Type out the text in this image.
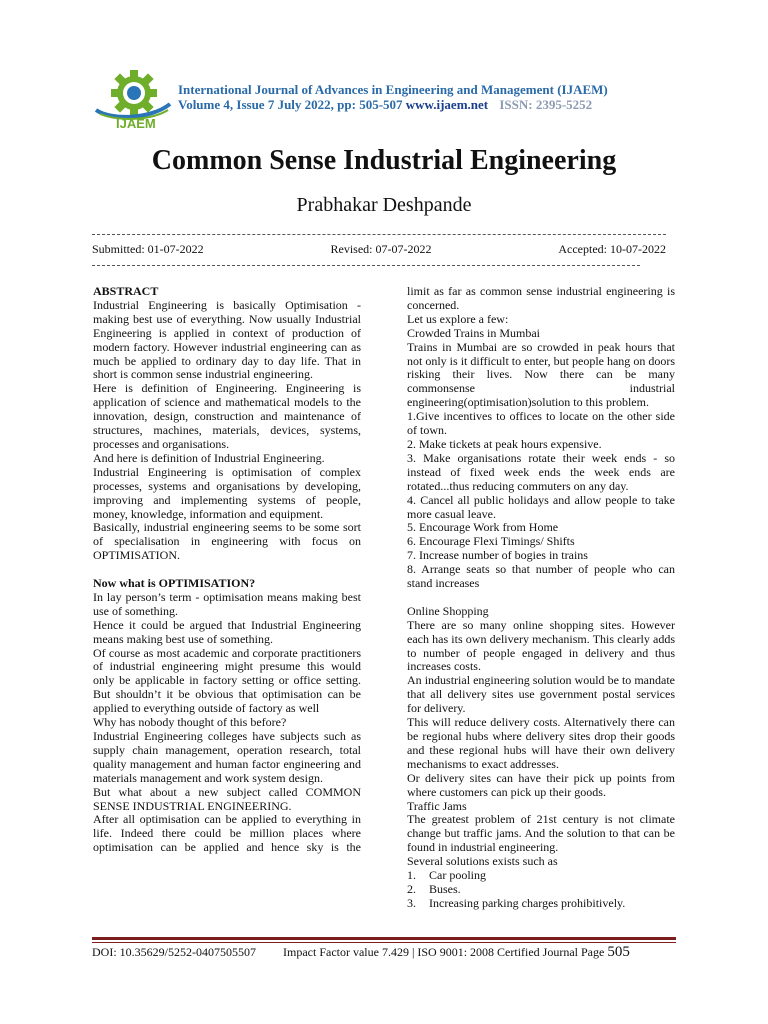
IJAEM
International Journal of Advances in Engineering and Management (IJAEM)
Volume 4, Issue 7 July 2022, pp: 505-507 www.ijaem.net ISSN: 2395-5252
Common Sense Industrial Engineering
Prabhakar Deshpande
Submitted: 01-07-2022	Revised: 07-07-2022	Accepted: 10-07-2022

ABSTRACT

Industrial Engineering is basically Optimisation - making best use of everything. Now usually Industrial Engineering is applied in context of production of modern factory. However industrial engineering can as much be applied to ordinary day to day life. That in short is common sense industrial engineering.

Here is definition of Engineering. Engineering is application of science and mathematical models to the innovation, design, construction and maintenance of structures, machines, materials, devices, systems, processes and organisations.

And here is definition of Industrial Engineering.

Industrial Engineering is optimisation of complex processes, systems and organisations by developing, improving and implementing systems of people, money, knowledge, information and equipment.

Basically, industrial engineering seems to be some sort of specialisation in engineering with focus on OPTIMISATION.

Now what is OPTIMISATION?

In lay person’s term - optimisation means making best use of something.

Hence it could be argued that Industrial Engineering means making best use of something.

Of course as most academic and corporate practitioners of industrial engineering might presume this would only be applicable in factory setting or office setting. But shouldn’t it be obvious that optimisation can be applied to everything outside of factory as well

Why has nobody thought of this before?

Industrial Engineering colleges have subjects such as supply chain management, operation research, total quality management and human factor engineering and materials management and work system design.

But what about a new subject called COMMON SENSE INDUSTRIAL ENGINEERING.

After all optimisation can be applied to everything in life. Indeed there could be million places where optimisation can be applied and hence sky is the

limit as far as common sense industrial engineering is concerned.

Let us explore a few:

Crowded Trains in Mumbai

Trains in Mumbai are so crowded in peak hours that not only is it difficult to enter, but people hang on doors risking their lives. Now there can be many commonsense industrial engineering(optimisation)solution to this problem.

1.Give incentives to offices to locate on the other side of town.

2. Make tickets at peak hours expensive.

3. Make organisations rotate their week ends - so instead of fixed week ends the week ends are rotated...thus reducing commuters on any day.

4. Cancel all public holidays and allow people to take more casual leave.

5. Encourage Work from Home

6. Encourage Flexi Timings/ Shifts

7. Increase number of bogies in trains

8. Arrange seats so that number of people who can stand increases

Online Shopping

There are so many online shopping sites. However each has its own delivery mechanism. This clearly adds to number of people engaged in delivery and thus increases costs.

An industrial engineering solution would be to mandate that all delivery sites use government postal services for delivery.

This will reduce delivery costs. Alternatively there can be regional hubs where delivery sites drop their goods and these regional hubs will have their own delivery mechanisms to exact addresses.

Or delivery sites can have their pick up points from where customers can pick up their goods.

Traffic Jams

The greatest problem of 21st century is not climate change but traffic jams. And the solution to that can be found in industrial engineering.

Several solutions exists such as

1.	Car pooling
2.	Buses.
3.	Increasing parking charges prohibitively.
DOI: 10.35629/5252-0407505507 Impact Factor value 7.429 | ISO 9001: 2008 Certified Journal Page 505
